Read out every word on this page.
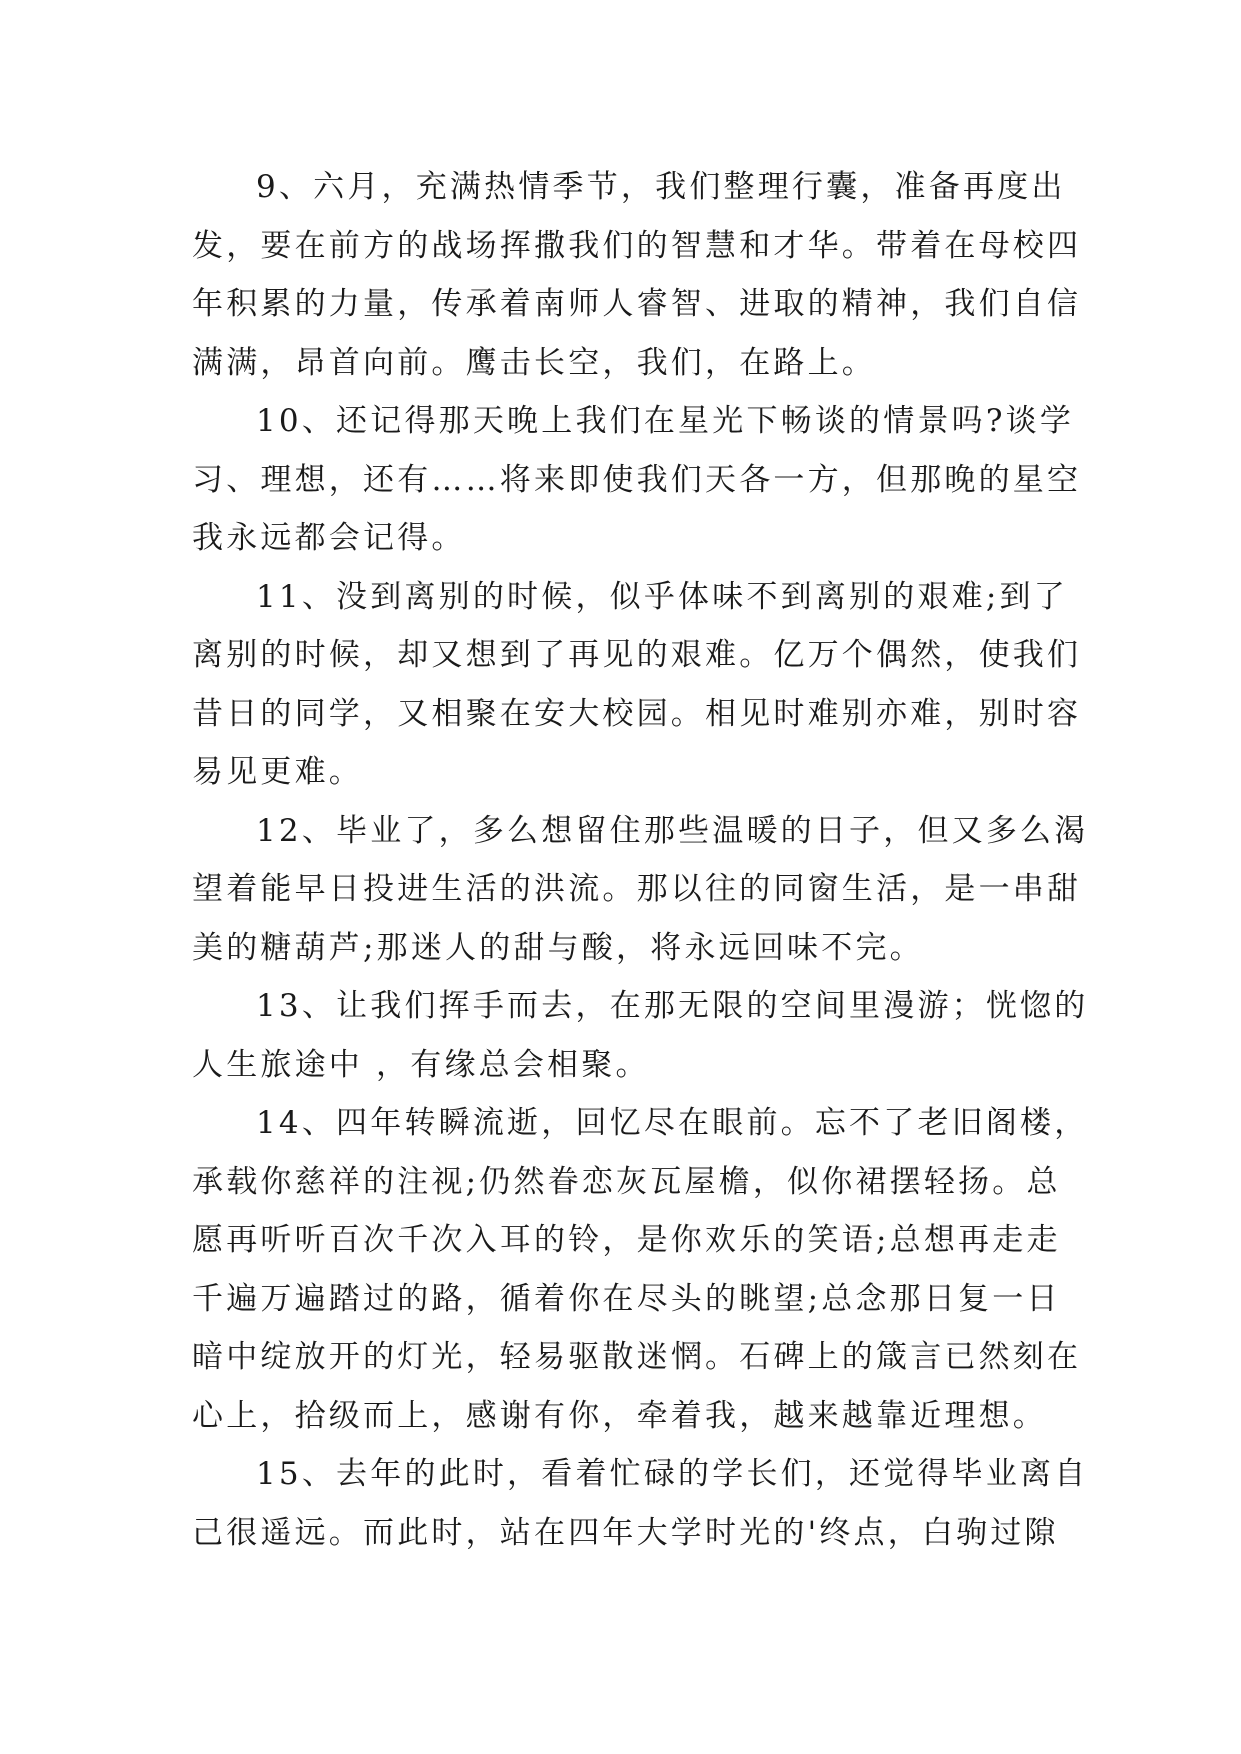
9、六月，充满热情季节，我们整理行囊，准备再度出
发，要在前方的战场挥撒我们的智慧和才华。带着在母校四
年积累的力量，传承着南师人睿智、进取的精神，我们自信
满满，昂首向前。鹰击长空，我们，在路上。
10、还记得那天晚上我们在星光下畅谈的情景吗?谈学
习、理想，还有……将来即使我们天各一方，但那晚的星空
我永远都会记得。
11、没到离别的时候，似乎体味不到离别的艰难;到了
离别的时候，却又想到了再见的艰难。亿万个偶然，使我们
昔日的同学，又相聚在安大校园。相见时难别亦难，别时容
易见更难。
12、毕业了，多么想留住那些温暖的日子，但又多么渴
望着能早日投进生活的洪流。那以往的同窗生活，是一串甜
美的糖葫芦;那迷人的甜与酸，将永远回味不完。
13、让我们挥手而去，在那无限的空间里漫游；恍惚的
人生旅途中 ，有缘总会相聚。
14、四年转瞬流逝，回忆尽在眼前。忘不了老旧阁楼，
承载你慈祥的注视;仍然眷恋灰瓦屋檐，似你裙摆轻扬。总
愿再听听百次千次入耳的铃，是你欢乐的笑语;总想再走走
千遍万遍踏过的路，循着你在尽头的眺望;总念那日复一日
暗中绽放开的灯光，轻易驱散迷惘。石碑上的箴言已然刻在
心上，拾级而上，感谢有你，牵着我，越来越靠近理想。
15、去年的此时，看着忙碌的学长们，还觉得毕业离自
己很遥远。而此时，站在四年大学时光的'终点，白驹过隙
